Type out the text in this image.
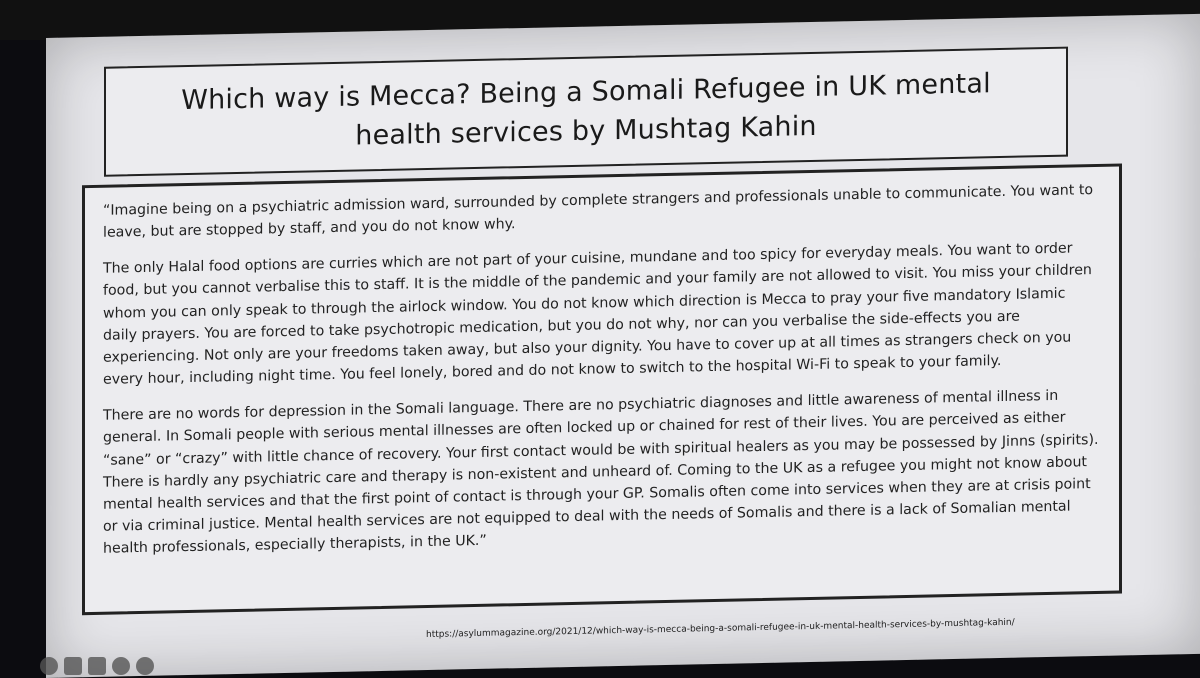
Which way is Mecca? Being a Somali Refugee in UK mental health services by Mushtag Kahin

“Imagine being on a psychiatric admission ward, surrounded by complete strangers and professionals unable to communicate. You want to leave, but are stopped by staff, and you do not know why.

The only Halal food options are curries which are not part of your cuisine, mundane and too spicy for everyday meals. You want to order food, but you cannot verbalise this to staff. It is the middle of the pandemic and your family are not allowed to visit. You miss your children whom you can only speak to through the airlock window. You do not know which direction is Mecca to pray your five mandatory Islamic daily prayers. You are forced to take psychotropic medication, but you do not why, nor can you verbalise the side-effects you are experiencing. Not only are your freedoms taken away, but also your dignity. You have to cover up at all times as strangers check on you every hour, including night time. You feel lonely, bored and do not know to switch to the hospital Wi-Fi to speak to your family.

There are no words for depression in the Somali language. There are no psychiatric diagnoses and little awareness of mental illness in general. In Somali people with serious mental illnesses are often locked up or chained for rest of their lives. You are perceived as either “sane” or “crazy” with little chance of recovery. Your first contact would be with spiritual healers as you may be possessed by Jinns (spirits). There is hardly any psychiatric care and therapy is non-existent and unheard of. Coming to the UK as a refugee you might not know about mental health services and that the first point of contact is through your GP. Somalis often come into services when they are at crisis point or via criminal justice. Mental health services are not equipped to deal with the needs of Somalis and there is a lack of Somalian mental health professionals, especially therapists, in the UK.”

https://asylummagazine.org/2021/12/which-way-is-mecca-being-a-somali-refugee-in-uk-mental-health-services-by-mushtag-kahin/
